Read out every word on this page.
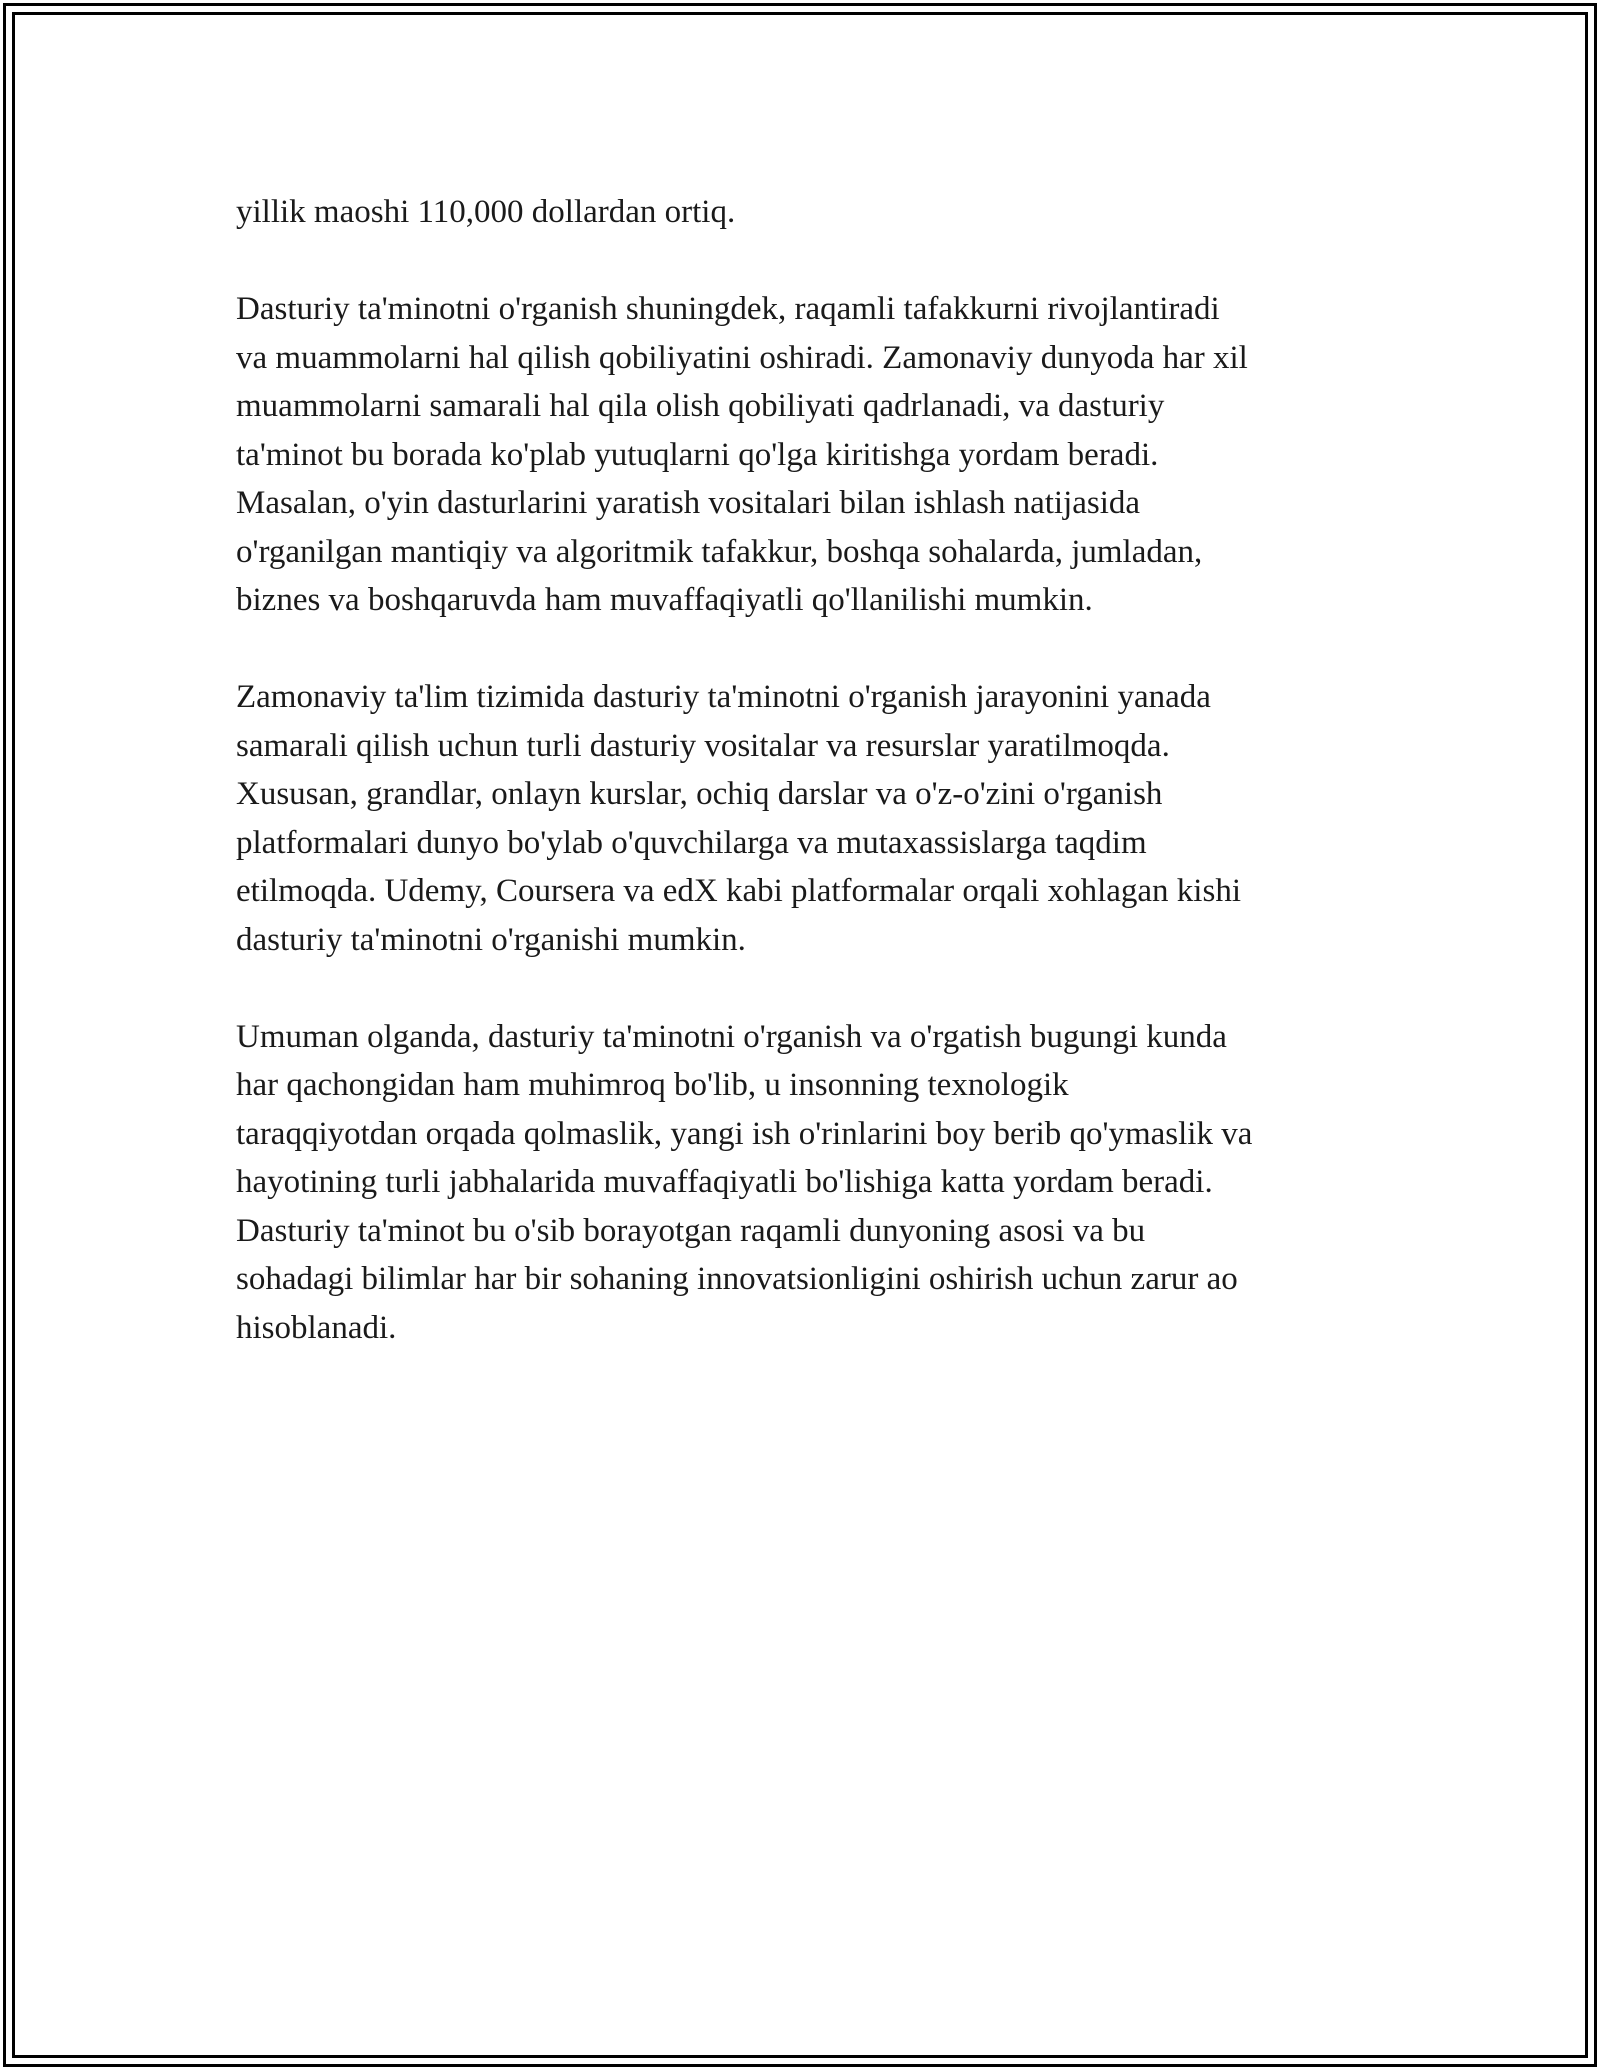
yillik maoshi 110,000 dollardan ortiq.
Dasturiy ta'minotni o'rganish shuningdek, raqamli tafakkurni rivojlantiradi
va muammolarni hal qilish qobiliyatini oshiradi. Zamonaviy dunyoda har xil
muammolarni samarali hal qila olish qobiliyati qadrlanadi, va dasturiy
ta'minot bu borada ko'plab yutuqlarni qo'lga kiritishga yordam beradi.
Masalan, o'yin dasturlarini yaratish vositalari bilan ishlash natijasida
o'rganilgan mantiqiy va algoritmik tafakkur, boshqa sohalarda, jumladan,
biznes va boshqaruvda ham muvaffaqiyatli qo'llanilishi mumkin.
Zamonaviy ta'lim tizimida dasturiy ta'minotni o'rganish jarayonini yanada
samarali qilish uchun turli dasturiy vositalar va resurslar yaratilmoqda.
Xususan, grandlar, onlayn kurslar, ochiq darslar va o'z-o'zini o'rganish
platformalari dunyo bo'ylab o'quvchilarga va mutaxassislarga taqdim
etilmoqda. Udemy, Coursera va edX kabi platformalar orqali xohlagan kishi
dasturiy ta'minotni o'rganishi mumkin.
Umuman olganda, dasturiy ta'minotni o'rganish va o'rgatish bugungi kunda
har qachongidan ham muhimroq bo'lib, u insonning texnologik
taraqqiyotdan orqada qolmaslik, yangi ish o'rinlarini boy berib qo'ymaslik va
hayotining turli jabhalarida muvaffaqiyatli bo'lishiga katta yordam beradi.
Dasturiy ta'minot bu o'sib borayotgan raqamli dunyoning asosi va bu
sohadagi bilimlar har bir sohaning innovatsionligini oshirish uchun zarur ao
hisoblanadi.
